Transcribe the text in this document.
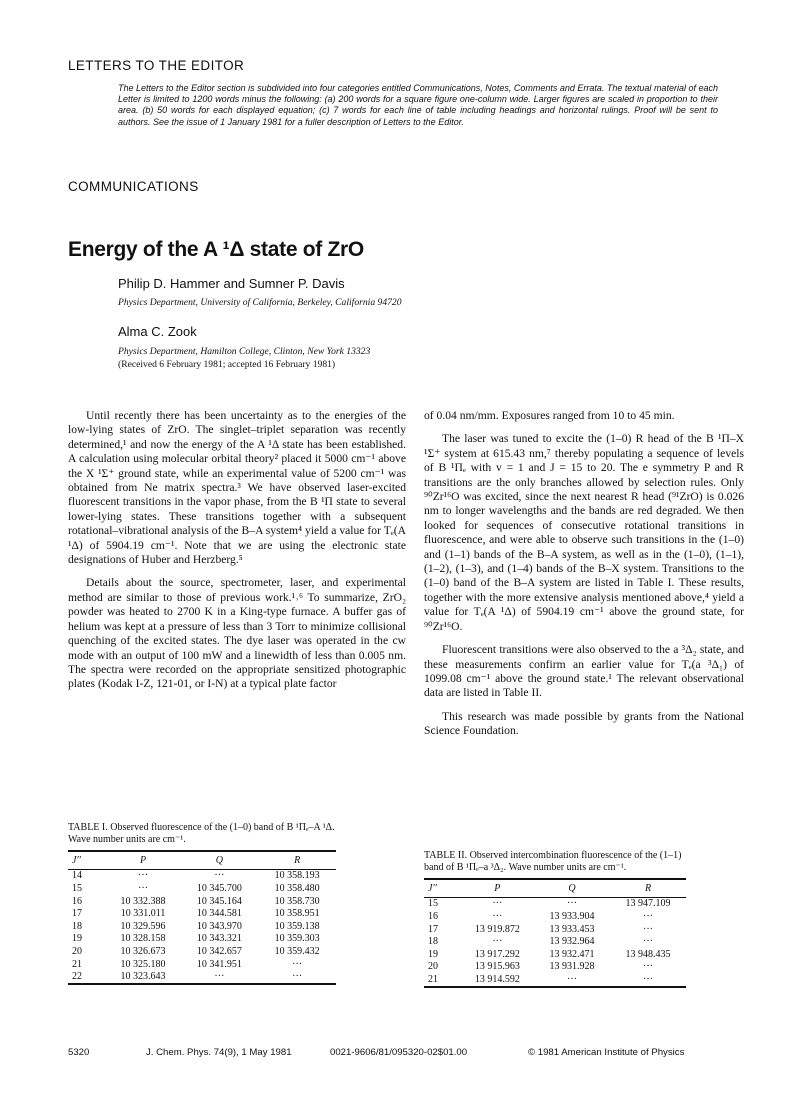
LETTERS TO THE EDITOR
The Letters to the Editor section is subdivided into four categories entitled Communications, Notes, Comments and Errata. The textual material of each Letter is limited to 1200 words minus the following: (a) 200 words for a square figure one-column wide. Larger figures are scaled in proportion to their area. (b) 50 words for each displayed equation; (c) 7 words for each line of table including headings and horizontal rulings. Proof will be sent to authors. See the issue of 1 January 1981 for a fuller description of Letters to the Editor.
COMMUNICATIONS
Energy of the A ¹Δ state of ZrO
Philip D. Hammer and Sumner P. Davis
Physics Department, University of California, Berkeley, California 94720
Alma C. Zook
Physics Department, Hamilton College, Clinton, New York 13323
(Received 6 February 1981; accepted 16 February 1981)

Until recently there has been uncertainty as to the energies of the low-lying states of ZrO. The singlet–triplet separation was recently determined,¹ and now the energy of the A ¹Δ state has been established. A calculation using molecular orbital theory² placed it 5000 cm⁻¹ above the X ¹Σ⁺ ground state, while an experimental value of 5200 cm⁻¹ was obtained from Ne matrix spectra.³ We have observed laser-excited fluorescent transitions in the vapor phase, from the B ¹Π state to several lower-lying states. These transitions together with a subsequent rotational–vibrational analysis of the B–A system⁴ yield a value for Tₑ(A ¹Δ) of 5904.19 cm⁻¹. Note that we are using the electronic state designations of Huber and Herzberg.⁵

Details about the source, spectrometer, laser, and experimental method are similar to those of previous work.¹˒⁶ To summarize, ZrO₂ powder was heated to 2700 K in a King-type furnace. A buffer gas of helium was kept at a pressure of less than 3 Torr to minimize collisional quenching of the excited states. The dye laser was operated in the cw mode with an output of 100 mW and a linewidth of less than 0.005 nm. The spectra were recorded on the appropriate sensitized photographic plates (Kodak I-Z, 121-01, or I-N) at a typical plate factor

of 0.04 nm/mm. Exposures ranged from 10 to 45 min.

The laser was tuned to excite the (1–0) R head of the B ¹Π–X ¹Σ⁺ system at 615.43 nm,⁷ thereby populating a sequence of levels of B ¹Πₑ with v = 1 and J = 15 to 20. The e symmetry P and R transitions are the only branches allowed by selection rules. Only ⁹⁰Zr¹⁶O was excited, since the next nearest R head (⁹¹ZrO) is 0.026 nm to longer wavelengths and the bands are red degraded. We then looked for sequences of consecutive rotational transitions in fluorescence, and were able to observe such transitions in the (1–0) and (1–1) bands of the B–A system, as well as in the (1–0), (1–1), (1–2), (1–3), and (1–4) bands of the B–X system. Transitions to the (1–0) band of the B–A system are listed in Table I. These results, together with the more extensive analysis mentioned above,⁴ yield a value for Tₑ(A ¹Δ) of 5904.19 cm⁻¹ above the ground state, for ⁹⁰Zr¹⁶O.

Fluorescent transitions were also observed to the a ³Δ₂ state, and these measurements confirm an earlier value for Tₑ(a ³Δ₁) of 1099.08 cm⁻¹ above the ground state.¹ The relevant observational data are listed in Table II.

This research was made possible by grants from the National Science Foundation.

TABLE I. Observed fluorescence of the (1–0) band of B ¹Πₑ–A ¹Δ. Wave number units are cm⁻¹.
J′′	P	Q	R
14	···	···	10 358.193
15	···	10 345.700	10 358.480
16	10 332.388	10 345.164	10 358.730
17	10 331.011	10 344.581	10 358.951
18	10 329.596	10 343.970	10 359.138
19	10 328.158	10 343.321	10 359.303
20	10 326.673	10 342.657	10 359.432
21	10 325.180	10 341.951	···
22	10 323.643	···	···
TABLE II. Observed intercombination fluorescence of the (1–1) band of B ¹Πₑ–a ³Δ₂. Wave number units are cm⁻¹.
J′′	P	Q	R
15	···	···	13 947.109
16	···	13 933.904	···
17	13 919.872	13 933.453	···
18	···	13 932.964	···
19	13 917.292	13 932.471	13 948.435
20	13 915.963	13 931.928	···
21	13 914.592	···	···
5320	J. Chem. Phys. 74(9), 1 May 1981	0021-9606/81/095320-02$01.00	© 1981 American Institute of Physics
